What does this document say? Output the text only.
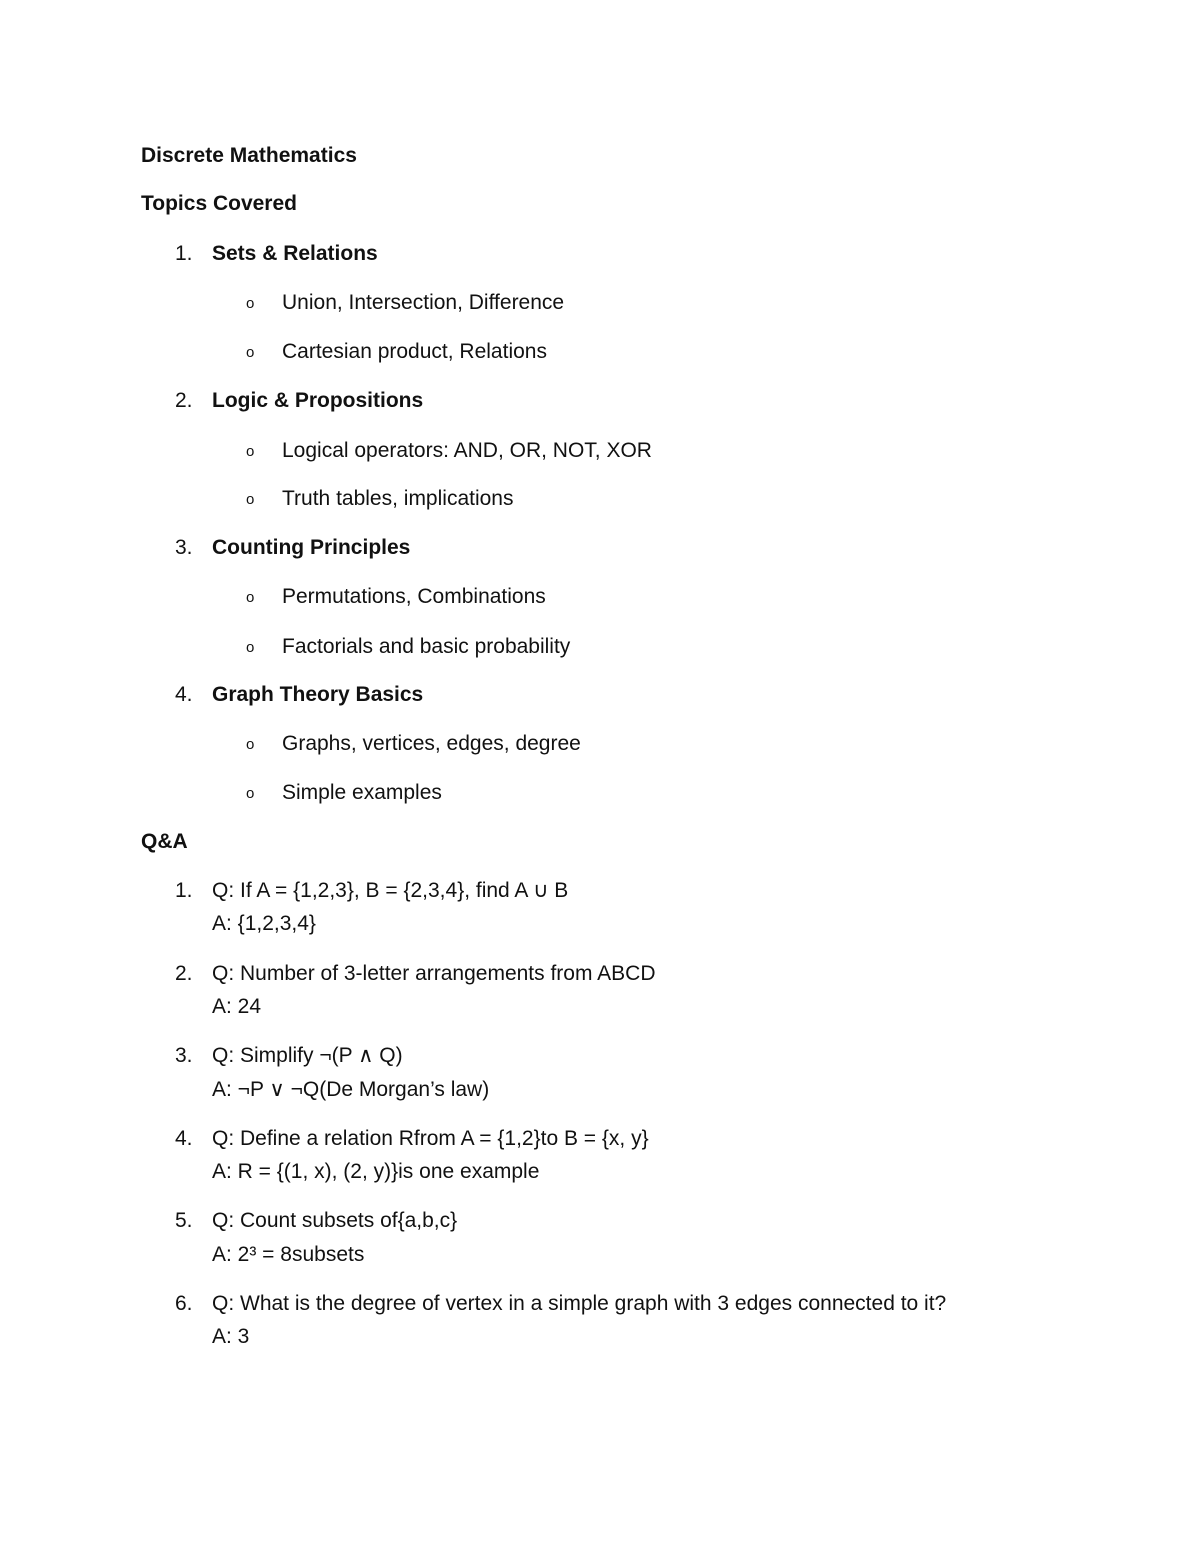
Discrete Mathematics
Topics Covered
1. Sets & Relations
o Union, Intersection, Difference
o Cartesian product, Relations
2. Logic & Propositions
o Logical operators: AND, OR, NOT, XOR
o Truth tables, implications
3. Counting Principles
o Permutations, Combinations
o Factorials and basic probability
4. Graph Theory Basics
o Graphs, vertices, edges, degree
o Simple examples
Q&A
1. Q: If A = {1,2,3}, B = {2,3,4}, find A ∪ B
A: {1,2,3,4}
2. Q: Number of 3-letter arrangements from ABCD
A: 24
3. Q: Simplify ¬(P ∧ Q)
A: ¬P ∨ ¬Q(De Morgan’s law)
4. Q: Define a relation Rfrom A = {1,2}to B = {x, y}
A: R = {(1, x), (2, y)}is one example
5. Q: Count subsets of{a,b,c}
A: 2³ = 8subsets
6. Q: What is the degree of vertex in a simple graph with 3 edges connected to it?
A: 3
